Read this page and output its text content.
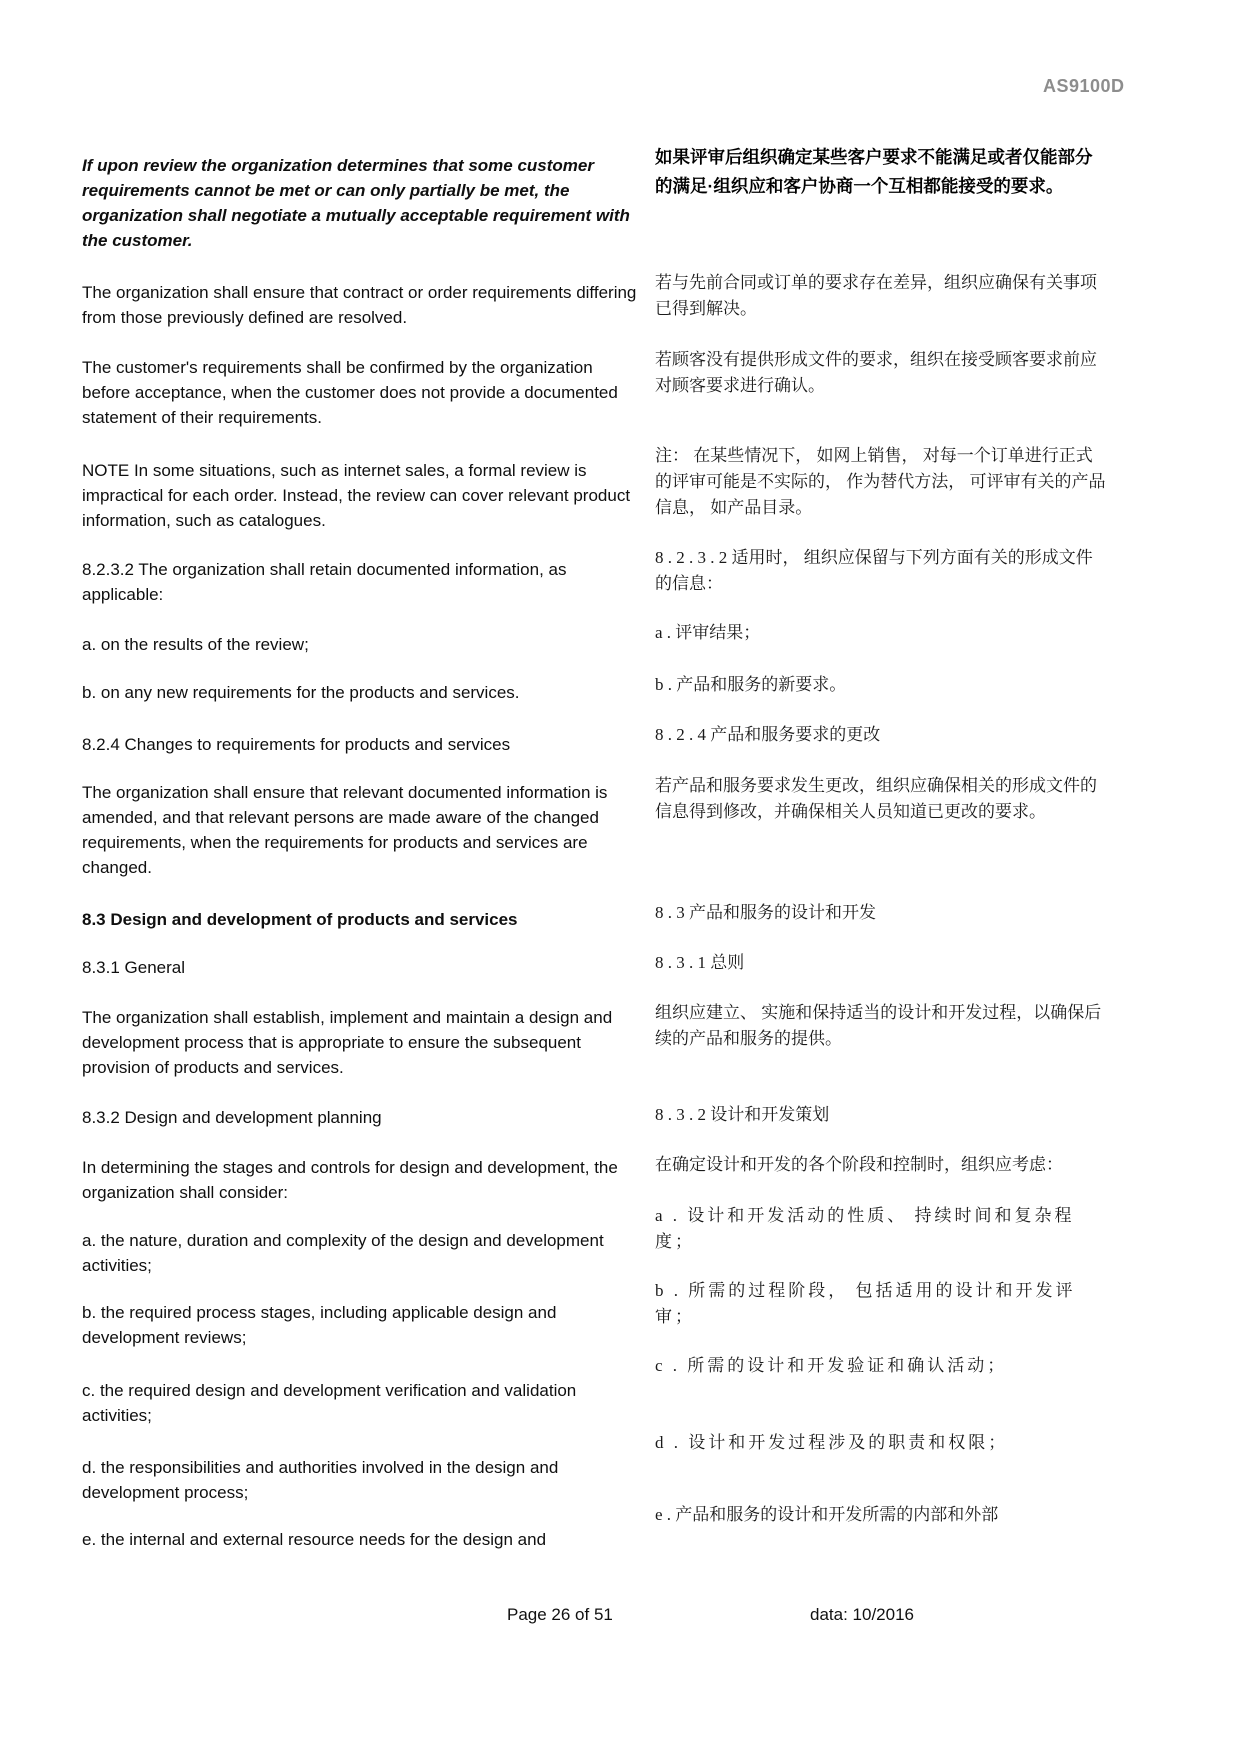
AS9100D

If upon review the organization determines that some customer requirements cannot be met or can only partially be met, the organization shall negotiate a mutually acceptable requirement with the customer.

The organization shall ensure that contract or order requirements differing from those previously defined are resolved.

The customer's requirements shall be confirmed by the organization before acceptance, when the customer does not provide a documented statement of their requirements.

NOTE In some situations, such as internet sales, a formal review is impractical for each order. Instead, the review can cover relevant product information, such as catalogues.

8.2.3.2 The organization shall retain documented information, as applicable:

a. on the results of the review;

b. on any new requirements for the products and services.

8.2.4 Changes to requirements for products and services

The organization shall ensure that relevant documented information is amended, and that relevant persons are made aware of the changed requirements, when the requirements for products and services are changed.

8.3 Design and development of products and services

8.3.1 General

The organization shall establish, implement and maintain a design and development process that is appropriate to ensure the subsequent provision of products and services.

8.3.2 Design and development planning

In determining the stages and controls for design and development, the organization shall consider:

a. the nature, duration and complexity of the design and development activities;

b. the required process stages, including applicable design and development reviews;

c. the required design and development verification and validation activities;

d. the responsibilities and authorities involved in the design and development process;

e. the internal and external resource needs for the design and

如果评审后组织确定某些客户要求不能满足或者仅能部分的满足·组织应和客户协商一个互相都能接受的要求。

若与先前合同或订单的要求存在差异，组织应确保有关事项已得到解决。

若顾客没有提供形成文件的要求，组织在接受顾客要求前应对顾客要求进行确认。

注： 在某些情况下， 如网上销售， 对每一个订单进行正式的评审可能是不实际的， 作为替代方法， 可评审有关的产品信息， 如产品目录。

8 . 2 . 3 . 2 适用时， 组织应保留与下列方面有关的形成文件的信息：

a . 评审结果；

b . 产品和服务的新要求。

8 . 2 . 4 产品和服务要求的更改

若产品和服务要求发生更改，组织应确保相关的形成文件的信息得到修改，并确保相关人员知道已更改的要求。

8 . 3 产品和服务的设计和开发

8 . 3 . 1 总则

组织应建立、 实施和保持适当的设计和开发过程，以确保后续的产品和服务的提供。

8 . 3 . 2 设计和开发策划

在确定设计和开发的各个阶段和控制时，组织应考虑：

a . 设计和开发活动的性质、 持续时间和复杂程度；

b . 所需的过程阶段， 包括适用的设计和开发评审；

c . 所需的设计和开发验证和确认活动；

d . 设计和开发过程涉及的职责和权限；

e . 产品和服务的设计和开发所需的内部和外部

Page 26 of 51	data: 10/2016
